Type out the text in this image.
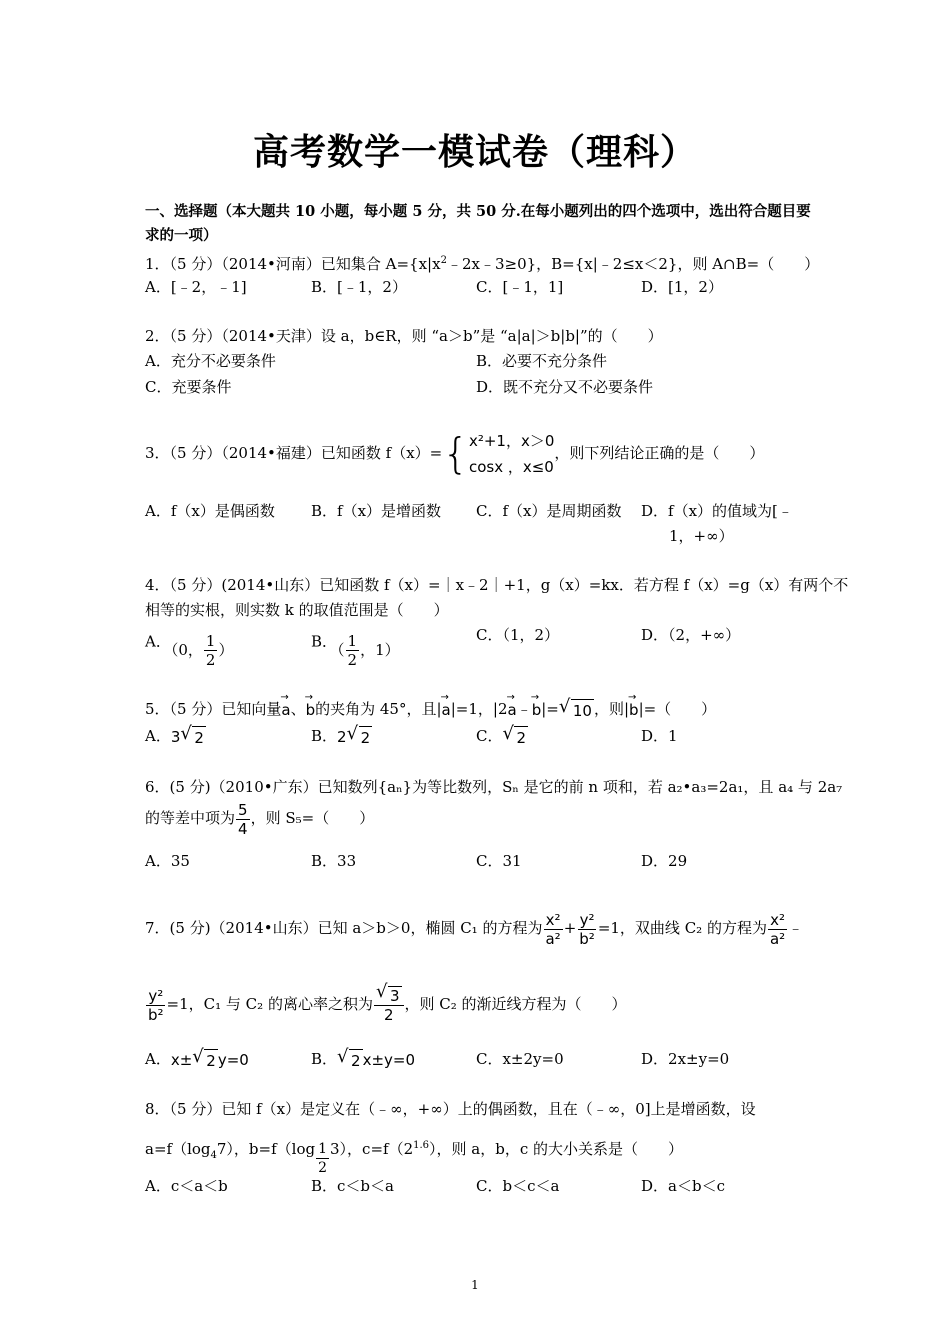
高考数学一模试卷（理科）
一、选择题（本大题共 10 小题，每小题 5 分，共 50 分.在每小题列出的四个选项中，选出符合题目要求的一项）
1．（5 分）（2014•河南）已知集合 $A=\{x|x^2﹣2x﹣3\ge 0\}$，B={x|﹣2≤x＜2}，则 A∩B=（　　）
A．[﹣2，﹣1]	B．[﹣1，2）	C．[﹣1，1]	D．[1，2）
2．（5 分）（2014•天津）设 a，b∈R，则 “a＞b”是 “a|a|＞b|b|”的（　　）
A．充分不必要条件	B．必要不充分条件
C．充要条件	D．既不充分又不必要条件
3．（5 分）（2014•福建）已知函数 f（x）={ x²+1，x＞0
cosx ，x≤0
，则下列结论正确的是（　　）
A．f（x）是偶函数 B．f（x）是增函数 C．f（x）是周期函数 D．f（x）的值域为[﹣
1，+∞）
4．（5 分）(2014•山东）已知函数 f（x）=｜x﹣2｜+1，g（x）=kx．若方程 f（x）=g（x）有两个不
相等的实根，则实数 k 的取值范围是（　　）
A．（0， $\frac{1}{2}$ ）	B．（ $\frac{1}{2}$ ，1）
C．（1，2）	D．（2，+∞）
5．（5 分）已知向量a →、b →的夹角为 45°，且|a →|=1，|2a →﹣b →|= √ 10 ，则|b →|=（　　）
A．3 √ 2	B．2 √ 2	C． √ 2	D．1
6．(5 分)（2010•广东）已知数列{aₙ}为等比数列，Sₙ 是它的前 n 项和，若 a₂•a₃=2a₁，且 a₄ 与 2a₇
的等差中项为 $\frac{5}{4}$ ，则 S₅=（　　）
A．35	B．33	C．31	D．29
7．(5 分)（2014•山东）已知 a＞b＞0，椭圆 C₁ 的方程为 $\frac{\text{x²}}{\text{a²}} + \frac{\text{y²}}{\text{b²}} =1$，双曲线 C₂ 的方程为 $\frac{\text{x²}}{\text{a²}}$ ﹣
$\frac{\text{y²}}{\text{b²}} =1$，C₁ 与 C₂ 的离心率之积为 √ $\frac{3}{2}$ ，则 C₂ 的渐近线方程为（　　）
A．x± √ 2 y=0	B． √ 2 x±y=0	C．x±2y=0	D．2x±y=0
8．（5 分）已知 f（x）是定义在（﹣∞，+∞）上的偶函数，且在（﹣∞，0]上是增函数，设
$a=f(\log_47)$，$b=f(\log \frac{1}{2} 3)$，$c=f(2^{1.6})$，则 a，b，c 的大小关系是（　　）
A．c＜a＜b	B．c＜b＜a	C．b＜c＜a	D．a＜b＜c
1
